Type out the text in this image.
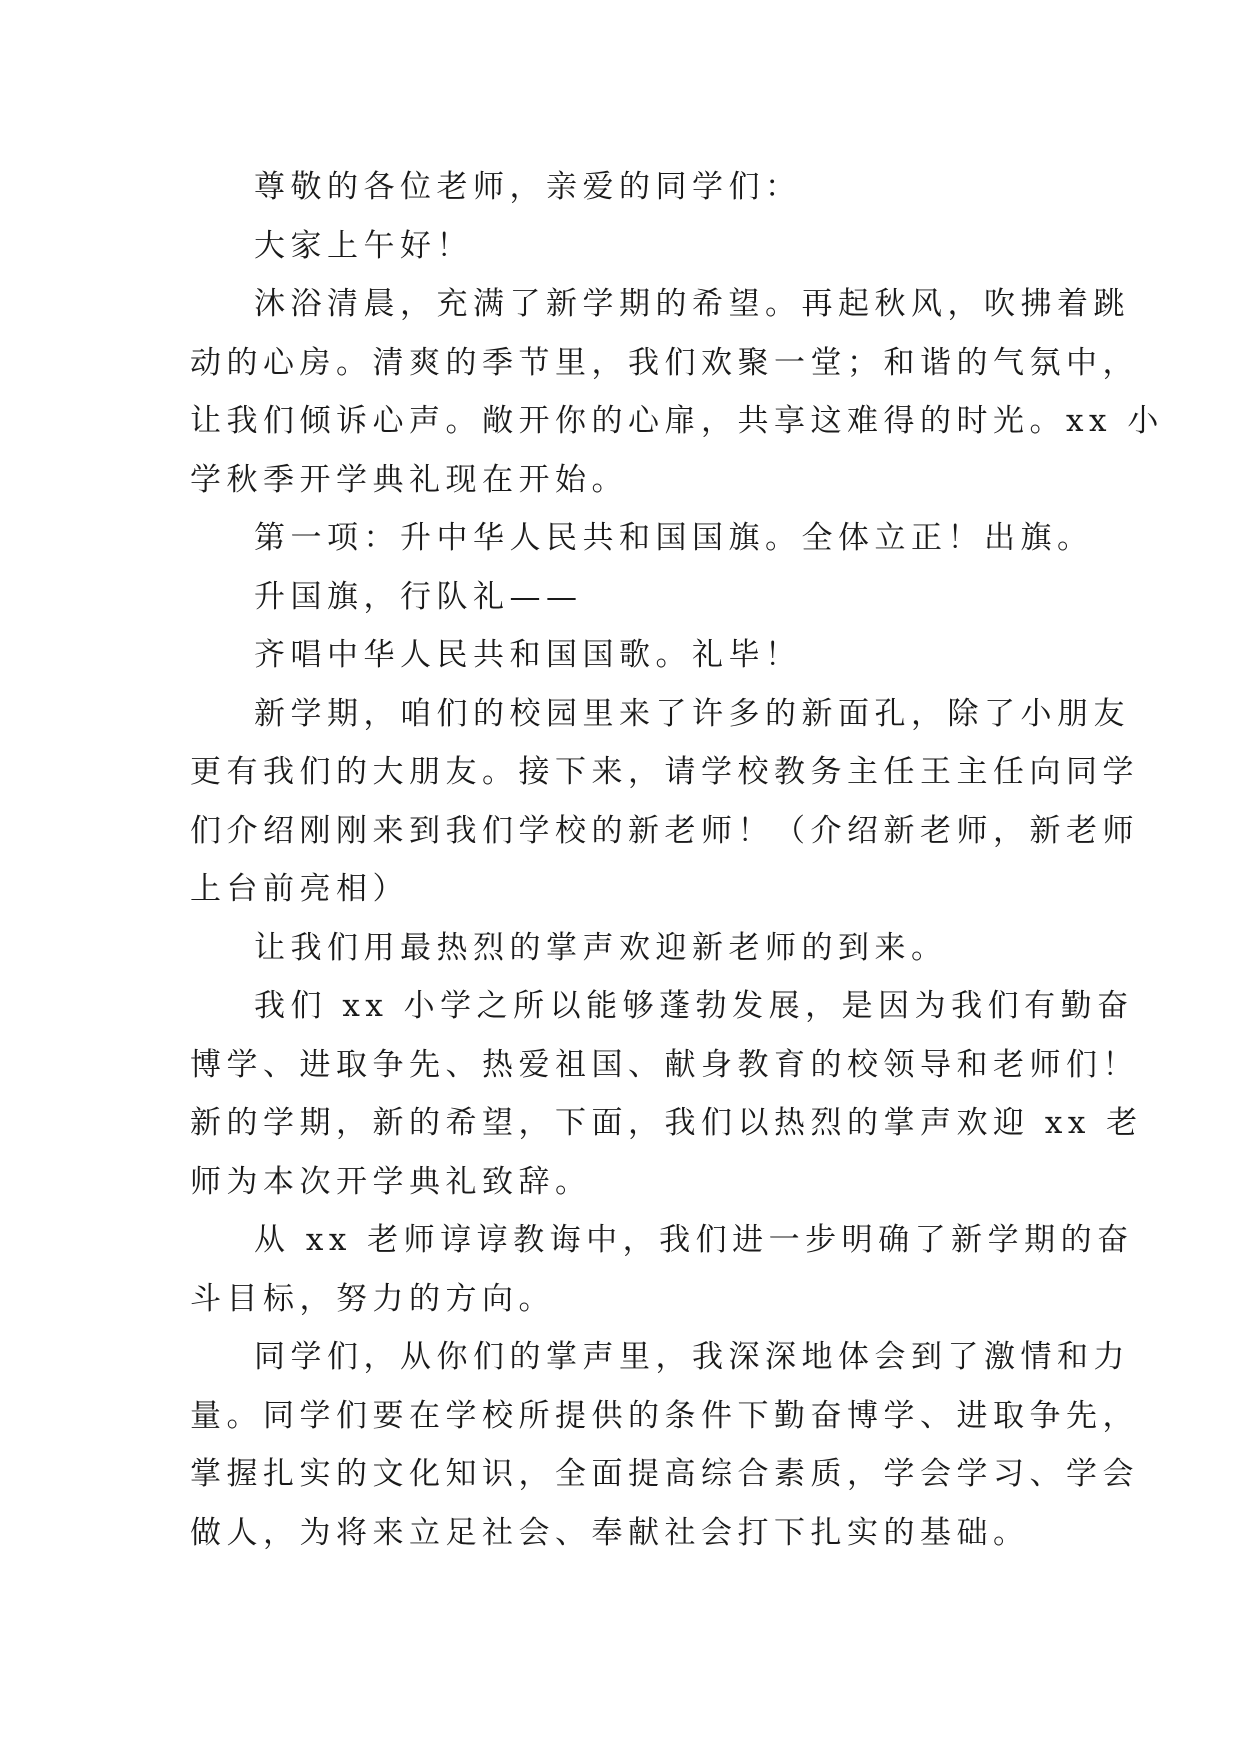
尊敬的各位老师，亲爱的同学们：
大家上午好！
沐浴清晨，充满了新学期的希望。再起秋风，吹拂着跳
动的心房。清爽的季节里，我们欢聚一堂；和谐的气氛中，
让我们倾诉心声。敞开你的心扉，共享这难得的时光。xx 小
学秋季开学典礼现在开始。
第一项：升中华人民共和国国旗。全体立正！出旗。
升国旗，行队礼——
齐唱中华人民共和国国歌。礼毕！
新学期，咱们的校园里来了许多的新面孔，除了小朋友
更有我们的大朋友。接下来，请学校教务主任王主任向同学
们介绍刚刚来到我们学校的新老师！（介绍新老师，新老师
上台前亮相）
让我们用最热烈的掌声欢迎新老师的到来。
我们 xx 小学之所以能够蓬勃发展，是因为我们有勤奋
博学、进取争先、热爱祖国、献身教育的校领导和老师们！
新的学期，新的希望，下面，我们以热烈的掌声欢迎 xx 老
师为本次开学典礼致辞。
从 xx 老师谆谆教诲中，我们进一步明确了新学期的奋
斗目标，努力的方向。
同学们，从你们的掌声里，我深深地体会到了激情和力
量。同学们要在学校所提供的条件下勤奋博学、进取争先，
掌握扎实的文化知识，全面提高综合素质，学会学习、学会
做人，为将来立足社会、奉献社会打下扎实的基础。
